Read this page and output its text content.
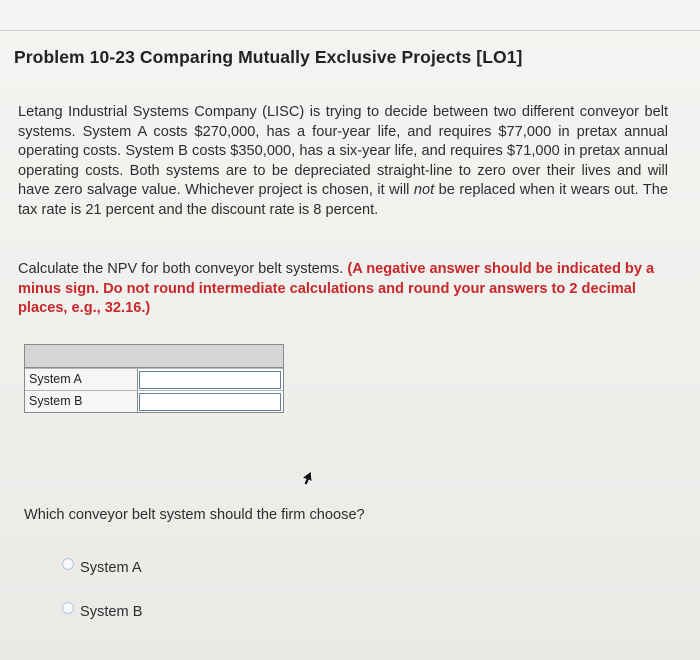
Problem 10-23 Comparing Mutually Exclusive Projects [LO1]
Letang Industrial Systems Company (LISC) is trying to decide between two different conveyor belt systems. System A costs $270,000, has a four-year life, and requires $77,000 in pretax annual operating costs. System B costs $350,000, has a six-year life, and requires $71,000 in pretax annual operating costs. Both systems are to be depreciated straight-line to zero over their lives and will have zero salvage value. Whichever project is chosen, it will not be replaced when it wears out. The tax rate is 21 percent and the discount rate is 8 percent.
Calculate the NPV for both conveyor belt systems. (A negative answer should be indicated by a minus sign. Do not round intermediate calculations and round your answers to 2 decimal places, e.g., 32.16.)
System A
System B
Which conveyor belt system should the firm choose?
System A
System B
